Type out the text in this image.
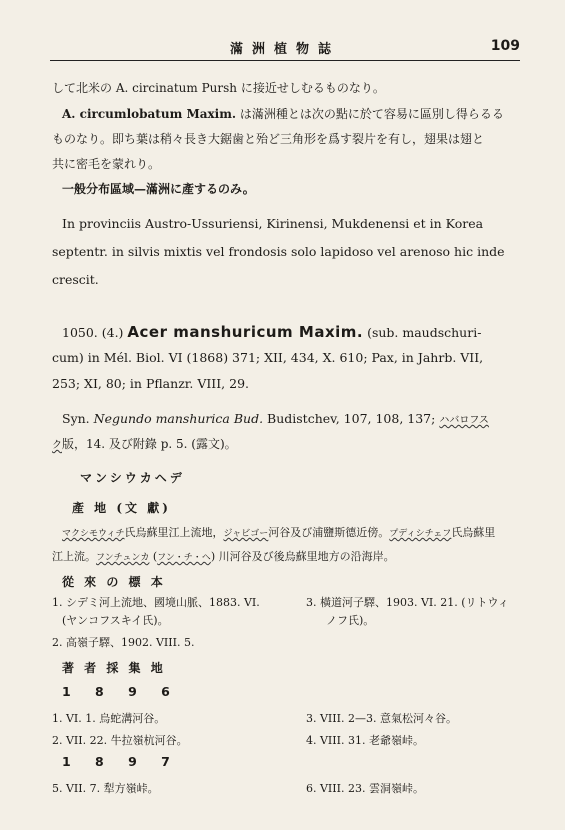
滿洲植物誌	109
して北米の A. circinatum Pursh に接近せしむるものなり。
A. circumlobatum Maxim. は滿洲種とは次の點に於て容易に區別し得らるる
ものなり。即ち葉は稍々長き大鋸歯と殆ど三角形を爲す裂片を有し，翅果は翅と
共に密毛を蒙れり。
一般分布區域—滿洲に產するのみ。
In provinciis Austro-Ussuriensi, Kirinensi, Mukdenensi et in Korea
septentr. in silvis mixtis vel frondosis solo lapidoso vel arenoso hic inde
crescit.
1050. (4.) Acer manshuricum Maxim. (sub. maudschuri-
cum) in Mél. Biol. VI (1868) 371; XII, 434, X. 610; Pax, in Jahrb. VII,
253; XI, 80; in Pflanzr. VIII, 29.
Syn. Negundo manshurica Bud. Budistchev, 107, 108, 137; ハバロフス
ク版，14. 及び附錄 p. 5. (露文)。
マンシウカヘデ
產 地 (文 獻)
マクシモウィチ氏烏蘇里江上流地，ジャビゴー河谷及び浦鹽斯德近傍。プディシチェフ氏烏蘇里
江上流。フンチュンカ (フン・チ・ヘ) 川河谷及び後烏蘇里地方の沿海岸。
從 來 の 標 本
1. シデミ河上流地、國境山脈、1883. VI.
(ヤンコフスキイ氏)。
2. 高嶺子驛、1902. VIII. 5.
3. 橫道河子驛、1903. VI. 21. (リトウィ
ノフ氏)。
著 者 採 集 地
1 8 9 6
1. VI. 1. 烏蛇溝河谷。
2. VII. 22. 牛拉嶺杭河谷。
3. VIII. 2—3. 意氣松河々谷。
4. VIII. 31. 老爺嶺峠。
1 8 9 7
5. VII. 7. 犁方嶺峠。	6. VIII. 23. 雲洞嶺峠。
